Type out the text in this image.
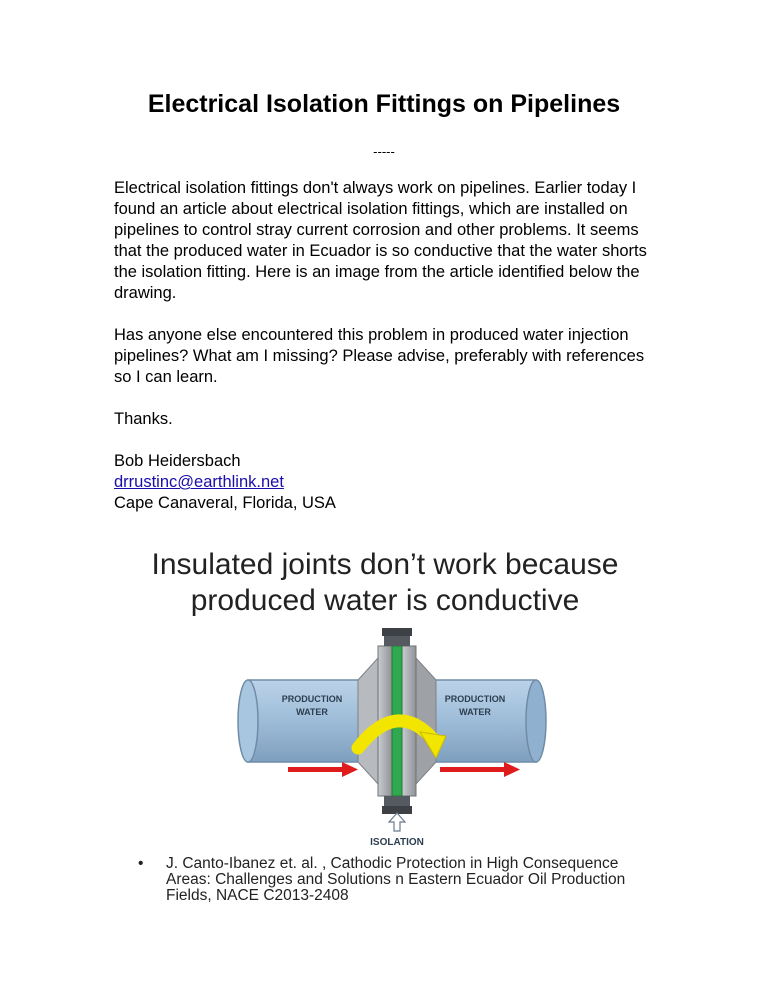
Electrical Isolation Fittings on Pipelines
-----

Electrical isolation fittings don't always work on pipelines. Earlier today I found an article about electrical isolation fittings, which are installed on pipelines to control stray current corrosion and other problems. It seems that the produced water in Ecuador is so conductive that the water shorts the isolation fitting. Here is an image from the article identified below the drawing.

Has anyone else encountered this problem in produced water injection pipelines? What am I missing? Please advise, preferably with references so I can learn.

Thanks.

Bob Heidersbach
drrustinc@earthlink.net
Cape Canaveral, Florida, USA
Insulated joints don’t work because
produced water is conductive
PRODUCTION
WATER
PRODUCTION
WATER
ISOLATION
• J. Canto-Ibanez et. al. , Cathodic Protection in High Consequence Areas: Challenges and Solutions n Eastern Ecuador Oil Production Fields, NACE C2013-2408
